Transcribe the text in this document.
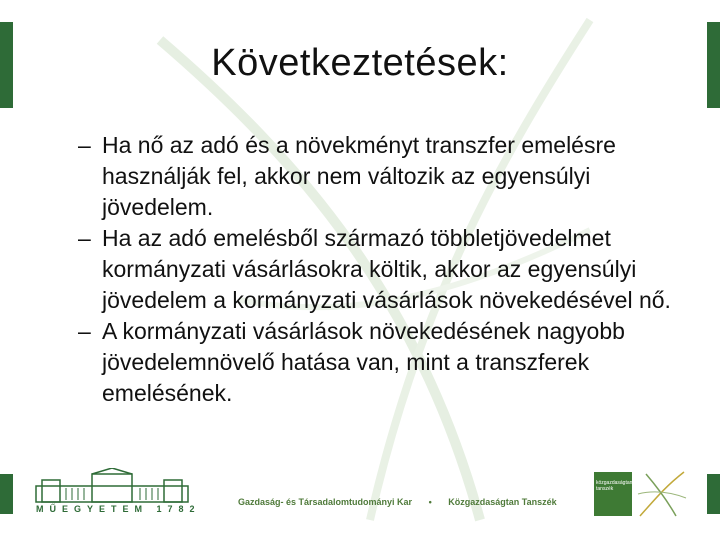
Következtetések:
– Ha nő az adó és a növekményt transzfer emelésre használják fel, akkor nem változik az egyensúlyi jövedelem.
– Ha az adó emelésből származó többletjövedelmet kormányzati vásárlásokra költik, akkor az egyensúlyi jövedelem a kormányzati vásárlások növekedésével nő.
– A kormányzati vásárlások növekedésének nagyobb jövedelemnövelő hatása van, mint a transzferek emelésének.
MŰEGYETEM 1782
Gazdaság- és Társadalomtudományi Kar • Közgazdaságtan Tanszék
közgazdaságtan tanszék
